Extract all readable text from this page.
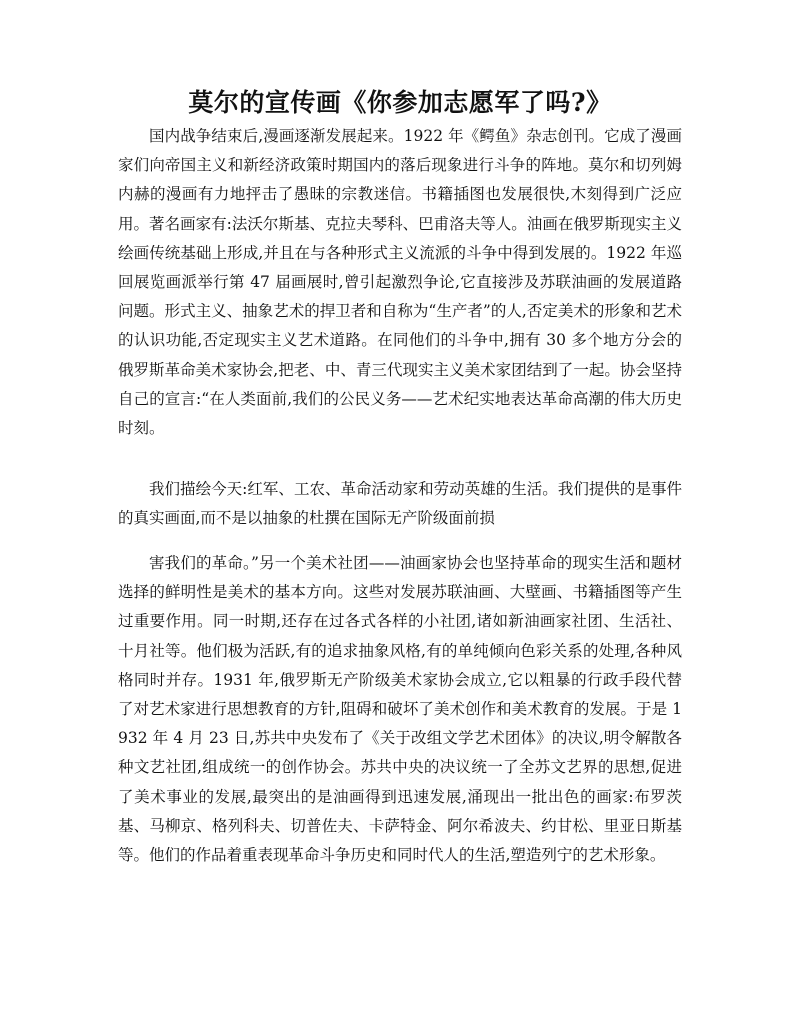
莫尔的宣传画《你参加志愿军了吗?》

国内战争结束后,漫画逐渐发展起来。1922 年《鳄鱼》杂志创刊。它成了漫画家们向帝国主义和新经济政策时期国内的落后现象进行斗争的阵地。莫尔和切列姆内赫的漫画有力地抨击了愚昧的宗教迷信。书籍插图也发展很快,木刻得到广泛应用。著名画家有:法沃尔斯基、克拉夫琴科、巴甫洛夫等人。油画在俄罗斯现实主义绘画传统基础上形成,并且在与各种形式主义流派的斗争中得到发展的。1922 年巡回展览画派举行第 47 届画展时,曾引起激烈争论,它直接涉及苏联油画的发展道路问题。形式主义、抽象艺术的捍卫者和自称为“生产者”的人,否定美术的形象和艺术的认识功能,否定现实主义艺术道路。在同他们的斗争中,拥有 30 多个地方分会的俄罗斯革命美术家协会,把老、中、青三代现实主义美术家团结到了一起。协会坚持自己的宣言:“在人类面前,我们的公民义务——艺术纪实地表达革命高潮的伟大历史时刻。

我们描绘今天:红军、工农、革命活动家和劳动英雄的生活。我们提供的是事件的真实画面,而不是以抽象的杜撰在国际无产阶级面前损

害我们的革命。”另一个美术社团——油画家协会也坚持革命的现实生活和题材选择的鲜明性是美术的基本方向。这些对发展苏联油画、大壁画、书籍插图等产生过重要作用。同一时期,还存在过各式各样的小社团,诸如新油画家社团、生活社、十月社等。他们极为活跃,有的追求抽象风格,有的单纯倾向色彩关系的处理,各种风格同时并存。1931 年,俄罗斯无产阶级美术家协会成立,它以粗暴的行政手段代替了对艺术家进行思想教育的方针,阻碍和破坏了美术创作和美术教育的发展。于是 1932 年 4 月 23 日,苏共中央发布了《关于改组文学艺术团体》的决议,明令解散各种文艺社团,组成统一的创作协会。苏共中央的决议统一了全苏文艺界的思想,促进了美术事业的发展,最突出的是油画得到迅速发展,涌现出一批出色的画家:布罗茨基、马柳京、格列科夫、切普佐夫、卡萨特金、阿尔希波夫、约甘松、里亚日斯基等。他们的作品着重表现革命斗争历史和同时代人的生活,塑造列宁的艺术形象。
